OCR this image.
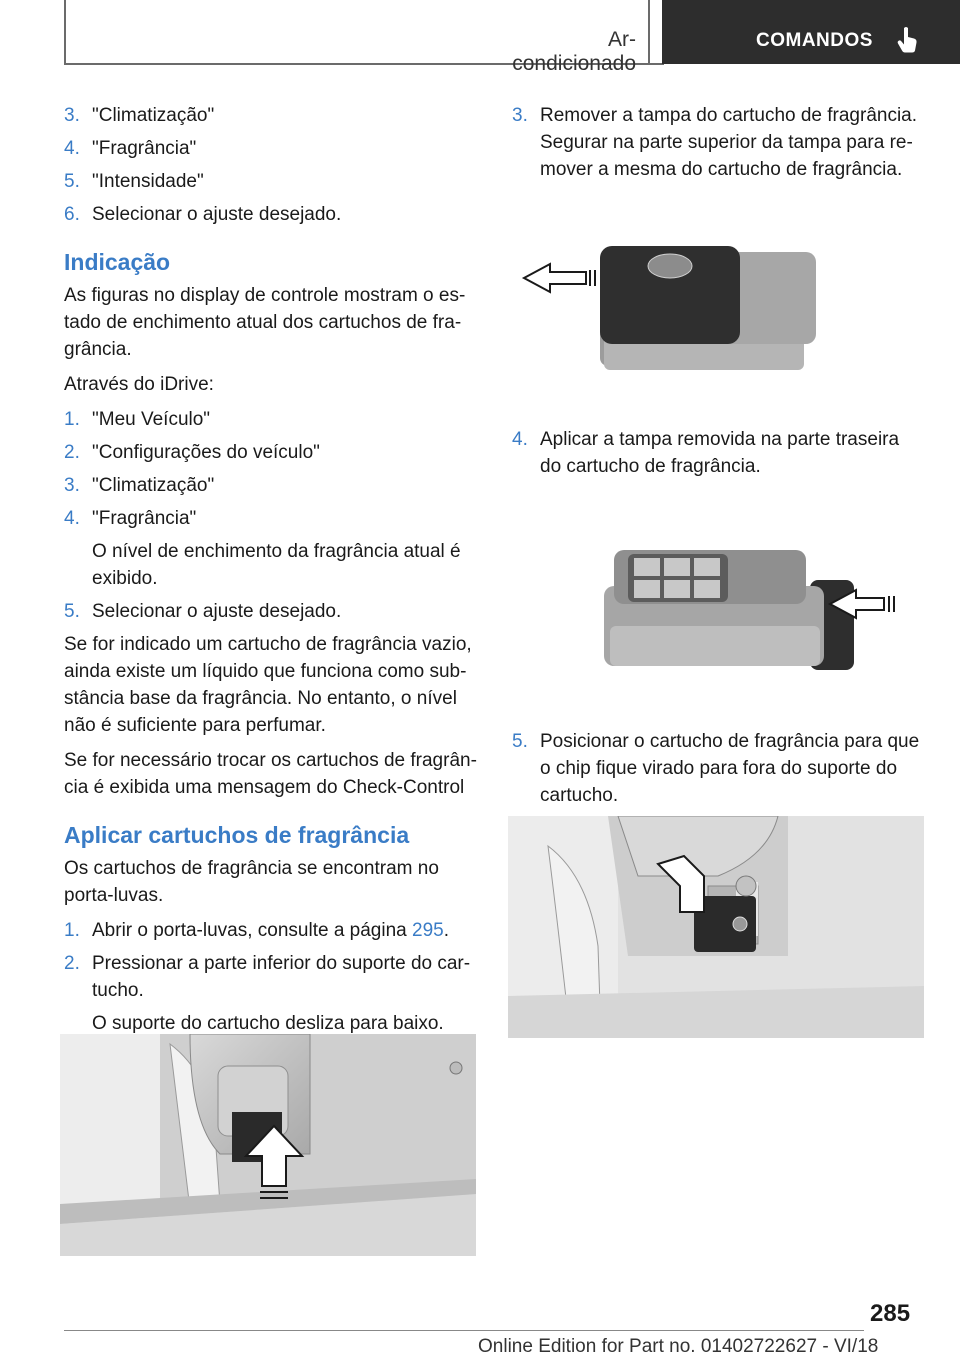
Ar-condicionado
COMANDOS
3. "Climatização"
4. "Fragrância"
5. "Intensidade"
6. Selecionar o ajuste desejado.
Indicação

As figuras no display de controle mostram o estado de enchimento atual dos cartuchos de fragrância.

Através do iDrive:

1. "Meu Veículo"
2. "Configurações do veículo"
3. "Climatização"
4. "Fragrância"
O nível de enchimento da fragrância atual é exibido.
5. Selecionar o ajuste desejado.

Se for indicado um cartucho de fragrância vazio, ainda existe um líquido que funciona como substância base da fragrância. No entanto, o nível não é suficiente para perfumar.

Se for necessário trocar os cartuchos de fragrância é exibida uma mensagem do Check-Control

Aplicar cartuchos de fragrância

Os cartuchos de fragrância se encontram no porta-luvas.

1. Abrir o porta-luvas, consulte a página 295.
2. Pressionar a parte inferior do suporte do cartucho.
O suporte do cartucho desliza para baixo.
3. Remover a tampa do cartucho de fragrância. Segurar na parte superior da tampa para remover a mesma do cartucho de fragrância.
4. Aplicar a tampa removida na parte traseira do cartucho de fragrância.
5. Posicionar o cartucho de fragrância para que o chip fique virado para fora do suporte do cartucho.
285
Online Edition for Part no. 01402722627 - VI/18
